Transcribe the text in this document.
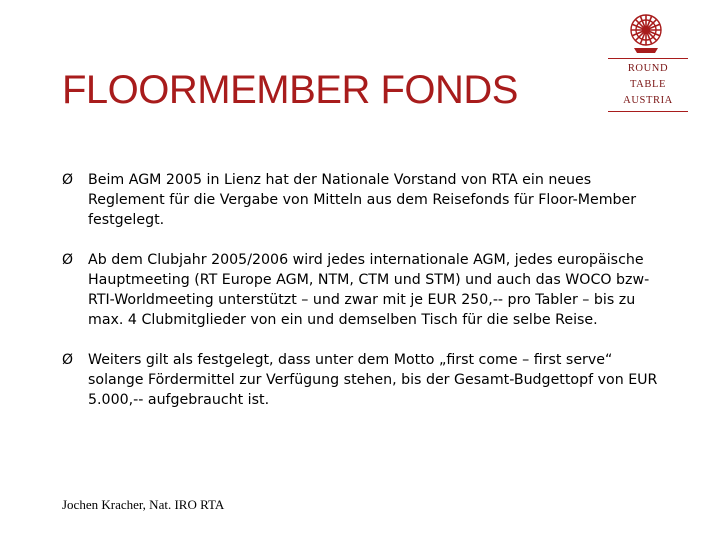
FLOORMEMBER FONDS	ROUND
TABLE
AUSTRIA
Ø Beim AGM 2005 in Lienz hat der Nationale Vorstand von RTA ein neues Reglement für die Vergabe von Mitteln aus dem Reisefonds für Floor-Member festgelegt.
Ø Ab dem Clubjahr 2005/2006 wird jedes internationale AGM, jedes europäische Hauptmeeting (RT Europe AGM, NTM, CTM und STM) und auch das WOCO bzw- RTI-Worldmeeting unterstützt – und zwar mit je EUR 250,-- pro Tabler – bis zu max. 4 Clubmitglieder von ein und demselben Tisch für die selbe Reise.
Ø Weiters gilt als festgelegt, dass unter dem Motto „first come – first serve“ solange Fördermittel zur Verfügung stehen, bis der Gesamt-Budgettopf von EUR 5.000,-- aufgebraucht ist.
Jochen Kracher, Nat. IRO RTA
